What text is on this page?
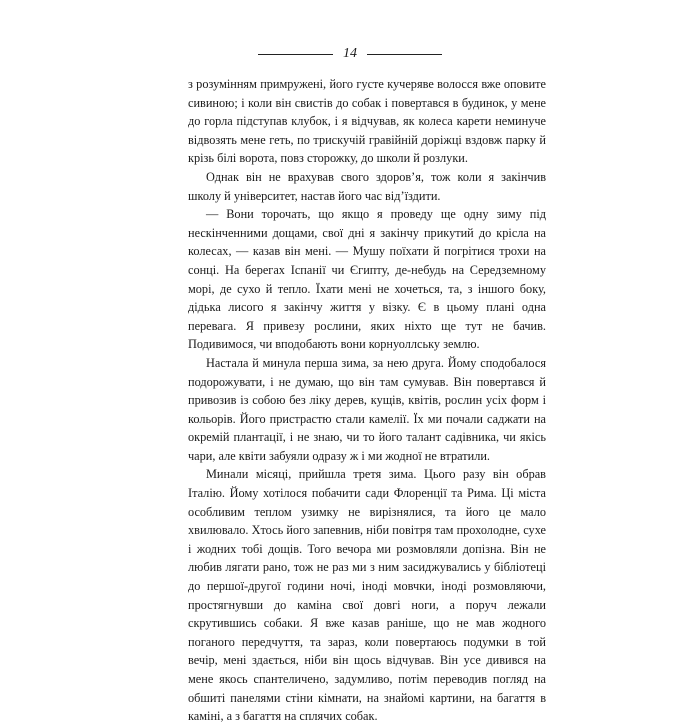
14

з розумінням примружені, його густе кучеряве волосся вже оповите сивиною; і коли він свистів до собак і повертався в будинок, у мене до горла підступав клубок, і я відчував, як колеса карети неминуче відвозять мене геть, по трискучій гравійній доріжці вздовж парку й крізь білі ворота, повз сторожку, до школи й розлуки.

Однак він не врахував свого здоров’я, тож коли я закінчив школу й університет, настав його час від’їздити.

— Вони торочать, що якщо я проведу ще одну зиму під нескінченними дощами, свої дні я закінчу прикутий до крісла на колесах, — казав він мені. — Мушу поїхати й погрітися трохи на сонці. На берегах Іспанії чи Єгипту, де-небудь на Середземному морі, де сухо й тепло. Їхати мені не хочеться, та, з іншого боку, дідька лисого я закінчу життя у візку. Є в цьому плані одна перевага. Я привезу рослини, яких ніхто ще тут не бачив. Подивимося, чи вподобають вони корнуоллську землю.

Настала й минула перша зима, за нею друга. Йому сподобалося подорожувати, і не думаю, що він там сумував. Він повертався й привозив із собою без ліку дерев, кущів, квітів, рослин усіх форм і кольорів. Його пристрастю стали камелії. Їх ми почали саджати на окремій плантації, і не знаю, чи то його талант садівника, чи якісь чари, але квіти забуяли одразу ж і ми жодної не втратили.

Минали місяці, прийшла третя зима. Цього разу він обрав Італію. Йому хотілося побачити сади Флоренції та Рима. Ці міста особливим теплом узимку не вирізнялися, та його це мало хвилювало. Хтось його запевнив, ніби повітря там прохолодне, сухе і жодних тобі дощів. Того вечора ми розмовляли допізна. Він не любив лягати рано, тож не раз ми з ним засиджувались у бібліотеці до першої-другої години ночі, іноді мовчки, іноді розмовляючи, простягнувши до каміна свої довгі ноги, а поруч лежали скрутившись собаки. Я вже казав раніше, що не мав жодного поганого передчуття, та зараз, коли повертаюсь подумки в той вечір, мені здається, ніби він щось відчував. Він усе дивився на мене якось спантеличено, задумливо, потім переводив погляд на обшиті панелями стіни кімнати, на знайомі картини, на багаття в каміні, а з багаття на сплячих собак.
